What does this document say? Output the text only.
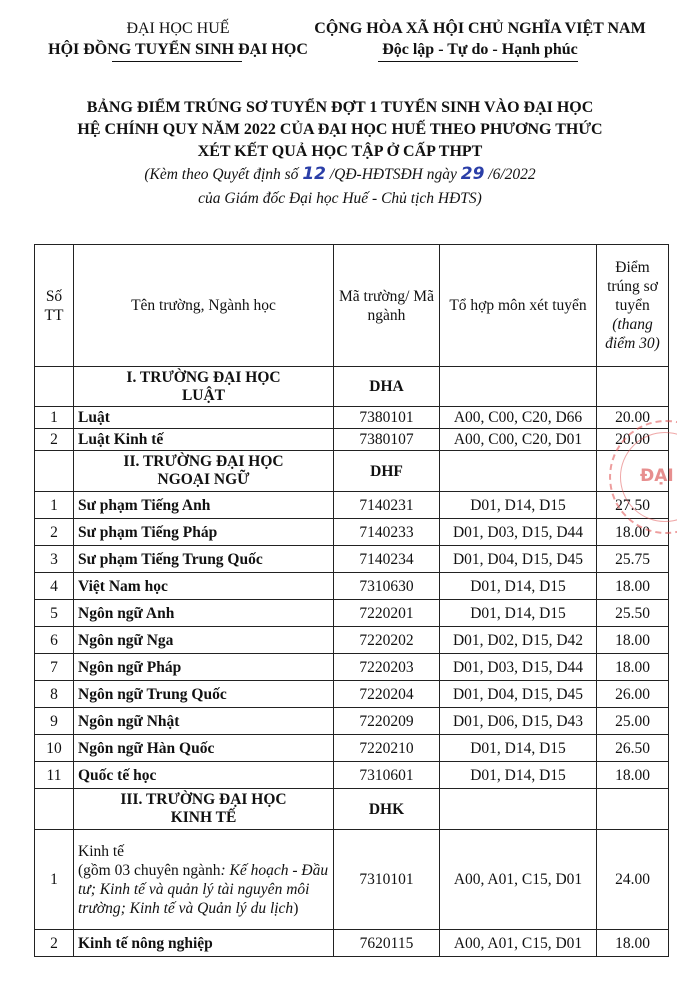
ĐẠI HỌC HUẾ
HỘI ĐỒNG TUYỂN SINH ĐẠI HỌC
CỘNG HÒA XÃ HỘI CHỦ NGHĨA VIỆT NAM
Độc lập - Tự do - Hạnh phúc
BẢNG ĐIỂM TRÚNG SƠ TUYỂN ĐỢT 1 TUYỂN SINH VÀO ĐẠI HỌC
HỆ CHÍNH QUY NĂM 2022 CỦA ĐẠI HỌC HUẾ THEO PHƯƠNG THỨC
XÉT KẾT QUẢ HỌC TẬP Ở CẤP THPT
(Kèm theo Quyết định số 12 /QĐ-HĐTSĐH ngày 29 /6/2022
của Giám đốc Đại học Huế - Chủ tịch HĐTS)
Số TT	Tên trường, Ngành học	Mã trường/ Mã ngành	Tổ hợp môn xét tuyển	Điểm trúng sơ tuyển
(thang điểm 30)
	I. TRƯỜNG ĐẠI HỌC
LUẬT	DHA		
1	Luật	7380101	A00, C00, C20, D66	20.00
2	Luật Kinh tế	7380107	A00, C00, C20, D01	20.00
	II. TRƯỜNG ĐẠI HỌC
NGOẠI NGỮ	DHF		
1	Sư phạm Tiếng Anh	7140231	D01, D14, D15	27.50
2	Sư phạm Tiếng Pháp	7140233	D01, D03, D15, D44	18.00
3	Sư phạm Tiếng Trung Quốc	7140234	D01, D04, D15, D45	25.75
4	Việt Nam học	7310630	D01, D14, D15	18.00
5	Ngôn ngữ Anh	7220201	D01, D14, D15	25.50
6	Ngôn ngữ Nga	7220202	D01, D02, D15, D42	18.00
7	Ngôn ngữ Pháp	7220203	D01, D03, D15, D44	18.00
8	Ngôn ngữ Trung Quốc	7220204	D01, D04, D15, D45	26.00
9	Ngôn ngữ Nhật	7220209	D01, D06, D15, D43	25.00
10	Ngôn ngữ Hàn Quốc	7220210	D01, D14, D15	26.50
11	Quốc tế học	7310601	D01, D14, D15	18.00
	III. TRƯỜNG ĐẠI HỌC
KINH TẾ	DHK		
1	Kinh tế
(gồm 03 chuyên ngành: Kế hoạch - Đầu tư; Kinh tế và quản lý tài nguyên môi trường; Kinh tế và Quản lý du lịch)	7310101	A00, A01, C15, D01	24.00
2	Kinh tế nông nghiệp	7620115	A00, A01, C15, D01	18.00
ĐẠI
